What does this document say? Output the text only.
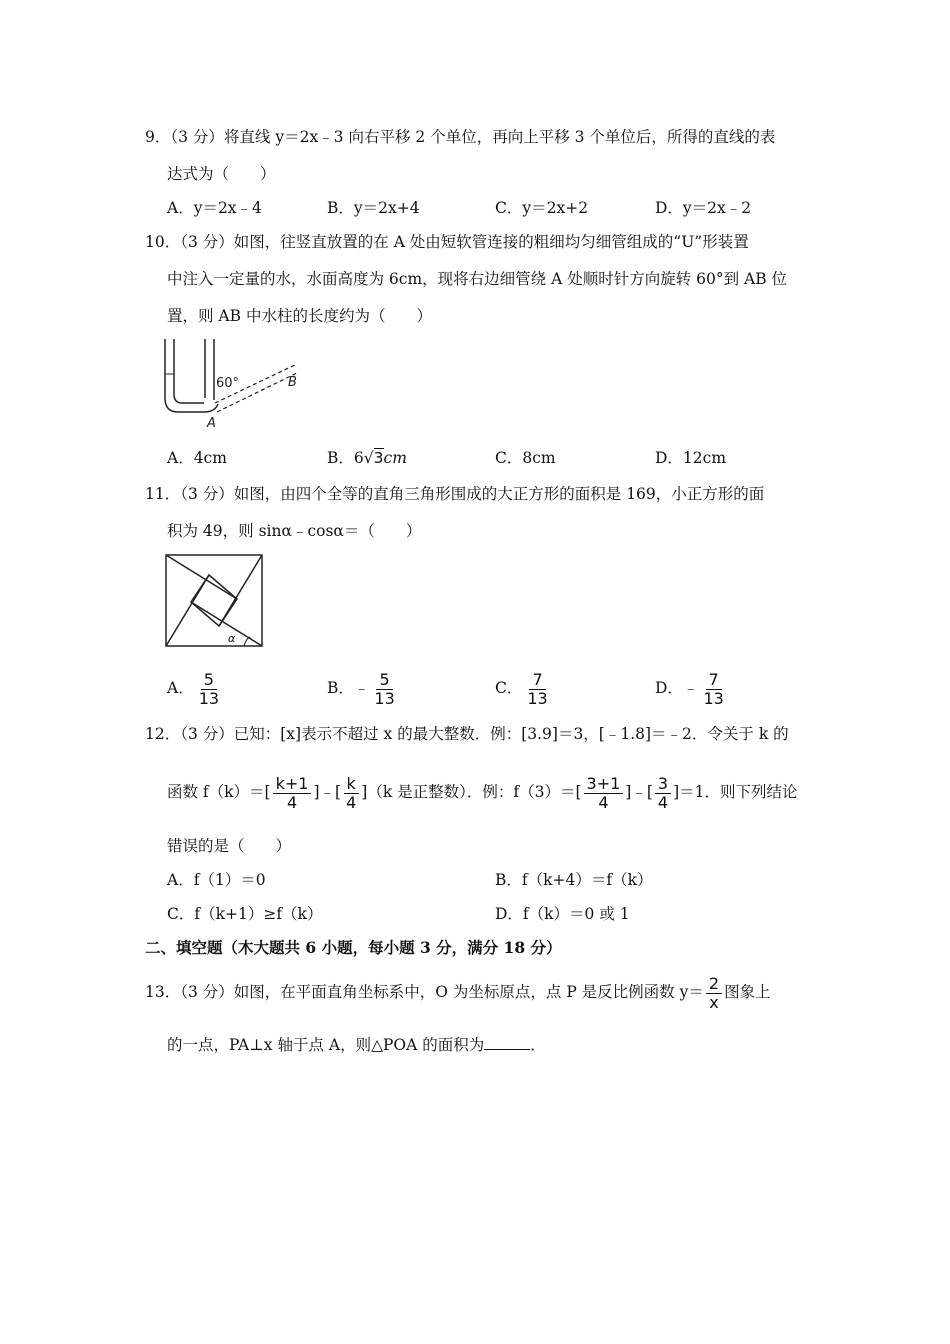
9．（3 分）将直线 y＝2x﹣3 向右平移 2 个单位，再向上平移 3 个单位后，所得的直线的表
达式为（　　）
A．y＝2x﹣4	B．y＝2x+4	C．y＝2x+2	D．y＝2x﹣2
10．（3 分）如图，往竖直放置的在 A 处由短软管连接的粗细均匀细管组成的“U”形装置
中注入一定量的水，水面高度为 6cm，现将右边细管绕 A 处顺时针方向旋转 60°到 AB 位
置，则 AB 中水柱的长度约为（　　）
60°	B
A
A．4cm	B．6√3cm	C．8cm	D．12cm
11．（3 分）如图，由四个全等的直角三角形围成的大正方形的面积是 169，小正方形的面
积为 49，则 sinα﹣cosα＝（　　）
α
A． $\frac{5}{13}$	B．﹣ $\frac{5}{13}$	C． $\frac{7}{13}$	D．﹣ $\frac{7}{13}$
12．（3 分）已知：[x]表示不超过 x 的最大整数．例：[3.9]＝3，[﹣1.8]＝﹣2．令关于 k 的
函数 $f(k)=[ \frac{k+1}{4}$ ]﹣[ $\frac{k}{4} ](k$ 是正整数）．例：$f(3)=[ \frac{3+1}{4}$ ]﹣[ $\frac{3}{4} ]=1$．则下列结论
错误的是（　　）
A．f（1）＝0	B．f（k+4）＝f（k）
C．f（k+1）≥f（k）	D．f（k）＝0 或 1
二、填空题（木大题共 6 小题，每小题 3 分，满分 18 分）
13．（3 分）如图，在平面直角坐标系中，O 为坐标原点，点 P 是反比例函数 $y= \frac{2}{x}$ 图象上
的一点，PA⊥x 轴于点 A，则△POA 的面积为	．
